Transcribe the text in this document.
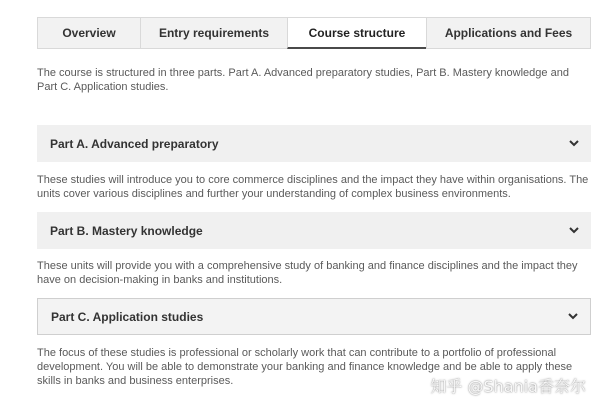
Overview	Entry requirements	Course structure	Applications and Fees
The course is structured in three parts. Part A. Advanced preparatory studies, Part B. Mastery knowledge and Part C. Application studies.
Part A. Advanced preparatory
These studies will introduce you to core commerce disciplines and the impact they have within organisations. The units cover various disciplines and further your understanding of complex business environments.
Part B. Mastery knowledge
These units will provide you with a comprehensive study of banking and finance disciplines and the impact they have on decision-making in banks and institutions.
Part C. Application studies
The focus of these studies is professional or scholarly work that can contribute to a portfolio of professional development. You will be able to demonstrate your banking and finance knowledge and be able to apply these skills in banks and business enterprises.	知乎 @Shania香奈尔
